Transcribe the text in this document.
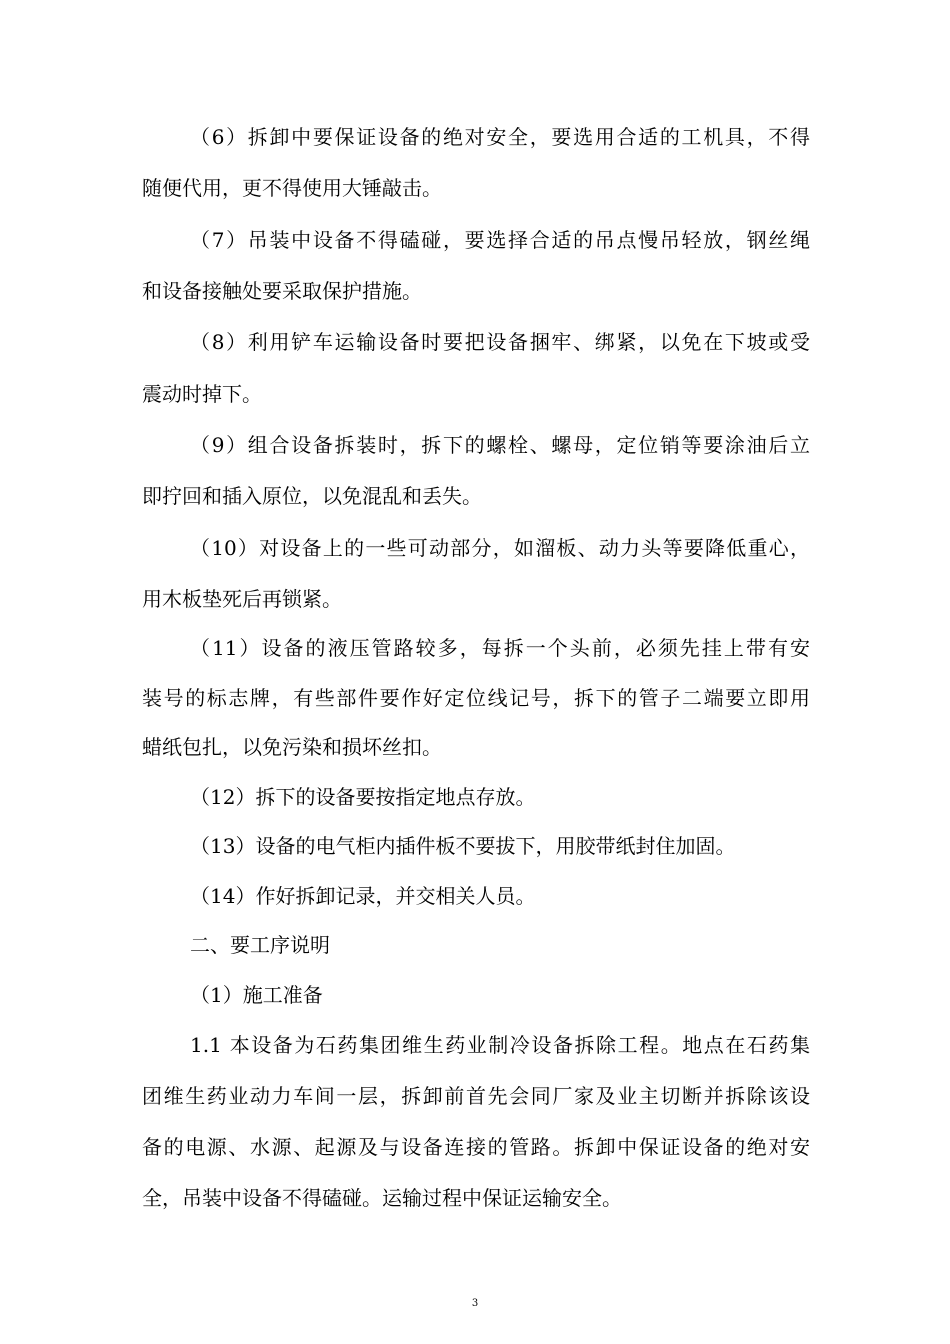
（6）拆卸中要保证设备的绝对安全，要选用合适的工机具，不得
随便代用，更不得使用大锤敲击。
（7）吊装中设备不得磕碰，要选择合适的吊点慢吊轻放，钢丝绳
和设备接触处要采取保护措施。
（8）利用铲车运输设备时要把设备捆牢、绑紧，以免在下坡或受
震动时掉下。
（9）组合设备拆装时，拆下的螺栓、螺母，定位销等要涂油后立
即拧回和插入原位，以免混乱和丢失。
（10）对设备上的一些可动部分，如溜板、动力头等要降低重心，
用木板垫死后再锁紧。
（11）设备的液压管路较多，每拆一个头前，必须先挂上带有安
装号的标志牌，有些部件要作好定位线记号，拆下的管子二端要立即用
蜡纸包扎，以免污染和损坏丝扣。
（12）拆下的设备要按指定地点存放。
（13）设备的电气柜内插件板不要拔下，用胶带纸封住加固。
（14）作好拆卸记录，并交相关人员。
二、要工序说明
（1）施工准备
1.1 本设备为石药集团维生药业制冷设备拆除工程。地点在石药集
团维生药业动力车间一层，拆卸前首先会同厂家及业主切断并拆除该设
备的电源、水源、起源及与设备连接的管路。拆卸中保证设备的绝对安
全，吊装中设备不得磕碰。运输过程中保证运输安全。
3
